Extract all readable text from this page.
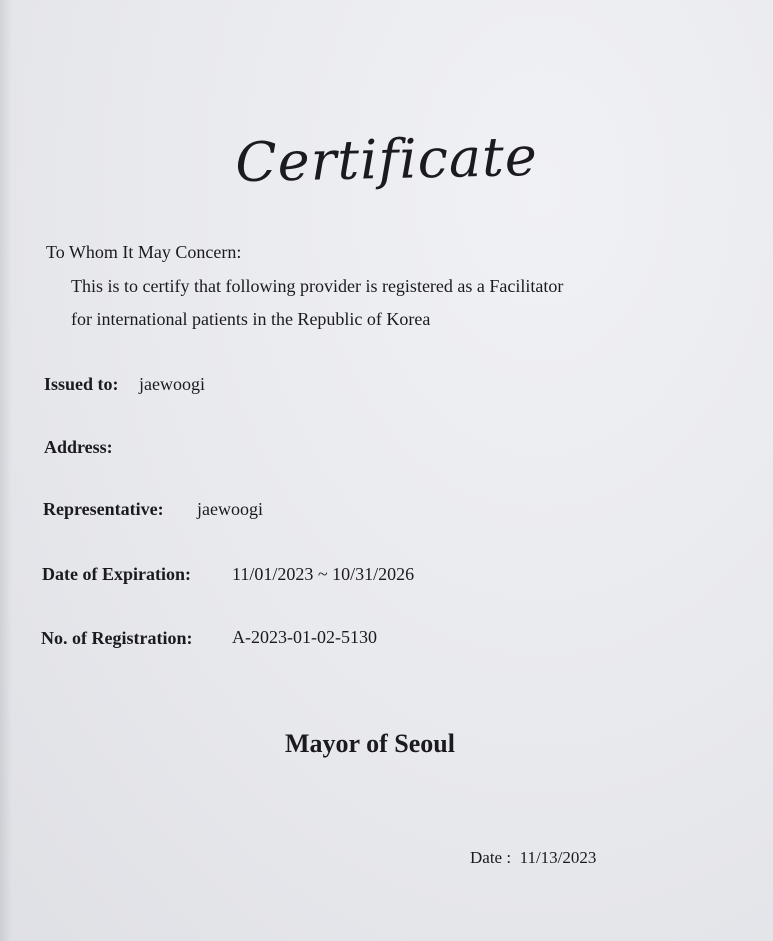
Certificate
To Whom It May Concern:
This is to certify that following provider is registered as a Facilitator
for international patients in the Republic of Korea
Issued to: jaewoogi
Address:
Representative: jaewoogi
Date of Expiration: 11/01/2023 ~ 10/31/2026
No. of Registration: A-2023-01-02-5130
Mayor of Seoul
Date : 11/13/2023
